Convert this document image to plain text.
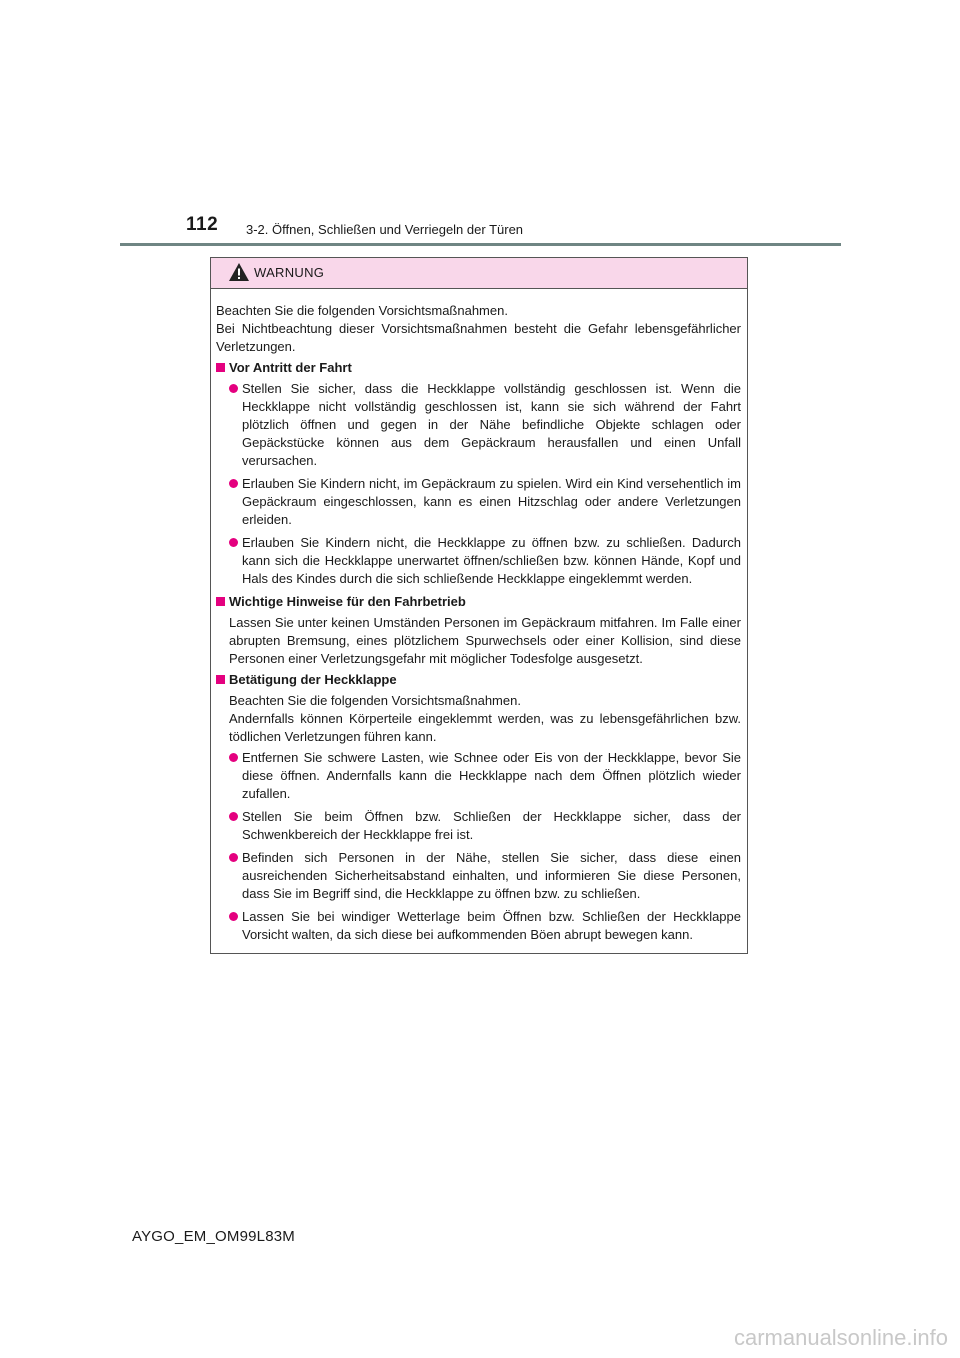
112 3-2. Öffnen, Schließen und Verriegeln der Türen
WARNUNG

Beachten Sie die folgenden Vorsichtsmaßnahmen.

Bei Nichtbeachtung dieser Vorsichtsmaßnahmen besteht die Gefahr lebensgefährlicher Verletzungen.

Vor Antritt der Fahrt
Stellen Sie sicher, dass die Heckklappe vollständig geschlossen ist. Wenn die Heckklappe nicht vollständig geschlossen ist, kann sie sich während der Fahrt plötzlich öffnen und gegen in der Nähe befindliche Objekte schlagen oder Gepäckstücke können aus dem Gepäckraum herausfallen und einen Unfall verursachen.
Erlauben Sie Kindern nicht, im Gepäckraum zu spielen. Wird ein Kind versehentlich im Gepäckraum eingeschlossen, kann es einen Hitzschlag oder andere Verletzungen erleiden.
Erlauben Sie Kindern nicht, die Heckklappe zu öffnen bzw. zu schließen. Dadurch kann sich die Heckklappe unerwartet öffnen/schließen bzw. können Hände, Kopf und Hals des Kindes durch die sich schließende Heckklappe eingeklemmt werden.
Wichtige Hinweise für den Fahrbetrieb

Lassen Sie unter keinen Umständen Personen im Gepäckraum mitfahren. Im Falle einer abrupten Bremsung, eines plötzlichem Spurwechsels oder einer Kollision, sind diese Personen einer Verletzungsgefahr mit möglicher Todesfolge ausgesetzt.

Betätigung der Heckklappe

Beachten Sie die folgenden Vorsichtsmaßnahmen.

Andernfalls können Körperteile eingeklemmt werden, was zu lebensgefährlichen bzw. tödlichen Verletzungen führen kann.

Entfernen Sie schwere Lasten, wie Schnee oder Eis von der Heckklappe, bevor Sie diese öffnen. Andernfalls kann die Heckklappe nach dem Öffnen plötzlich wieder zufallen.
Stellen Sie beim Öffnen bzw. Schließen der Heckklappe sicher, dass der Schwenkbereich der Heckklappe frei ist.
Befinden sich Personen in der Nähe, stellen Sie sicher, dass diese einen ausreichenden Sicherheitsabstand einhalten, und informieren Sie diese Personen, dass Sie im Begriff sind, die Heckklappe zu öffnen bzw. zu schließen.
Lassen Sie bei windiger Wetterlage beim Öffnen bzw. Schließen der Heckklappe Vorsicht walten, da sich diese bei aufkommenden Böen abrupt bewegen kann.
AYGO_EM_OM99L83M
carmanualsonline.info
